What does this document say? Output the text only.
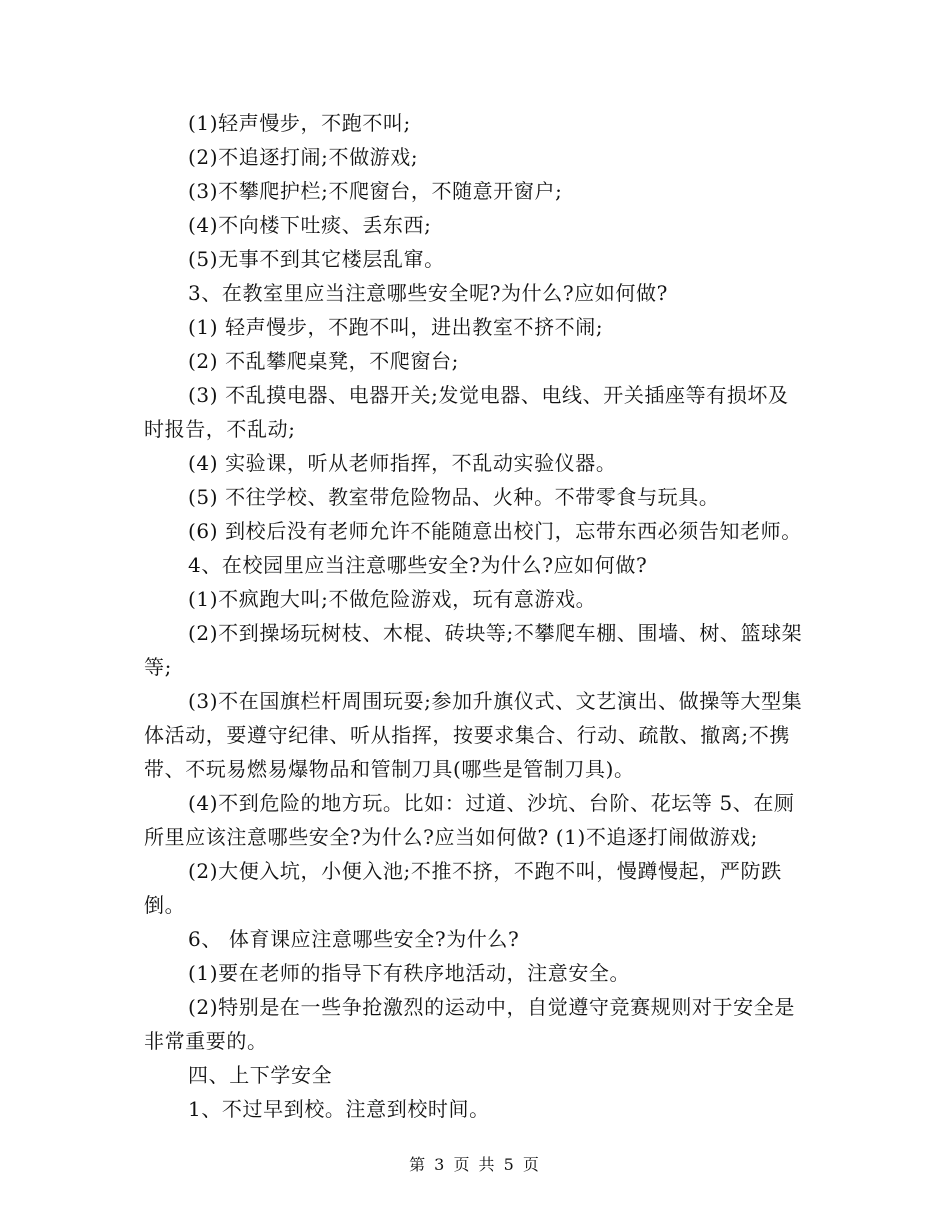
(1)轻声慢步，不跑不叫;

(2)不追逐打闹;不做游戏;

(3)不攀爬护栏;不爬窗台，不随意开窗户;

(4)不向楼下吐痰、丢东西;

(5)无事不到其它楼层乱窜。

3、在教室里应当注意哪些安全呢?为什么?应如何做?

(1) 轻声慢步，不跑不叫，进出教室不挤不闹;

(2) 不乱攀爬桌凳，不爬窗台;

(3) 不乱摸电器、电器开关;发觉电器、电线、开关插座等有损坏及时报告，不乱动;

(4) 实验课，听从老师指挥，不乱动实验仪器。

(5) 不往学校、教室带危险物品、火种。不带零食与玩具。

(6) 到校后没有老师允许不能随意出校门，忘带东西必须告知老师。

4、在校园里应当注意哪些安全?为什么?应如何做?

(1)不疯跑大叫;不做危险游戏，玩有意游戏。

(2)不到操场玩树枝、木棍、砖块等;不攀爬车棚、围墙、树、篮球架等;

(3)不在国旗栏杆周围玩耍;参加升旗仪式、文艺演出、做操等大型集体活动，要遵守纪律、听从指挥，按要求集合、行动、疏散、撤离;不携带、不玩易燃易爆物品和管制刀具(哪些是管制刀具)。

(4)不到危险的地方玩。比如：过道、沙坑、台阶、花坛等 5、在厕所里应该注意哪些安全?为什么?应当如何做? (1)不追逐打闹做游戏;

(2)大便入坑，小便入池;不推不挤，不跑不叫，慢蹲慢起，严防跌倒。

6、 体育课应注意哪些安全?为什么?

(1)要在老师的指导下有秩序地活动，注意安全。

(2)特别是在一些争抢激烈的运动中，自觉遵守竞赛规则对于安全是非常重要的。

四、上下学安全

1、不过早到校。注意到校时间。

第 3 页 共 5 页
